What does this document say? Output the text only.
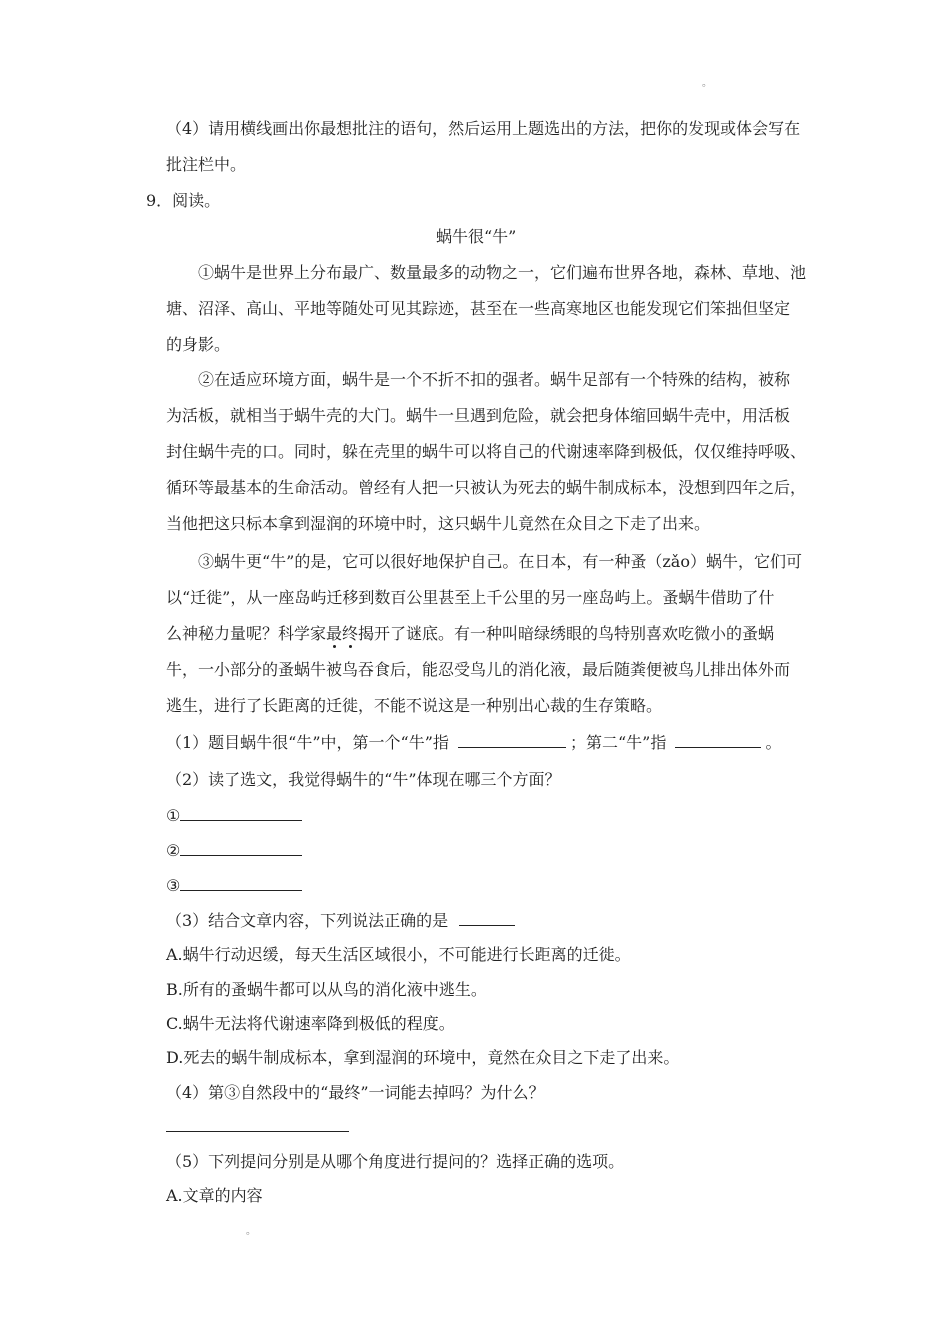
。
（4）请用横线画出你最想批注的语句，然后运用上题选出的方法，把你的发现或体会写在
批注栏中。
9．阅读。
蜗牛很“牛”
①蜗牛是世界上分布最广、数量最多的动物之一，它们遍布世界各地，森林、草地、池
塘、沼泽、高山、平地等随处可见其踪迹，甚至在一些高寒地区也能发现它们笨拙但坚定
的身影。
②在适应环境方面，蜗牛是一个不折不扣的强者。蜗牛足部有一个特殊的结构，被称
为活板，就相当于蜗牛壳的大门。蜗牛一旦遇到危险，就会把身体缩回蜗牛壳中，用活板
封住蜗牛壳的口。同时，躲在壳里的蜗牛可以将自己的代谢速率降到极低，仅仅维持呼吸、
循环等最基本的生命活动。曾经有人把一只被认为死去的蜗牛制成标本，没想到四年之后，
当他把这只标本拿到湿润的环境中时，这只蜗牛儿竟然在众目之下走了出来。
③蜗牛更“牛”的是，它可以很好地保护自己。在日本，有一种蚤（zǎo）蜗牛，它们可
以“迁徙”，从一座岛屿迁移到数百公里甚至上千公里的另一座岛屿上。蚤蜗牛借助了什
么神秘力量呢？科学家最终揭开了谜底。有一种叫暗绿绣眼的鸟特别喜欢吃微小的蚤蜗
牛，一小部分的蚤蜗牛被鸟吞食后，能忍受鸟儿的消化液，最后随粪便被鸟儿排出体外而
逃生，进行了长距离的迁徙，不能不说这是一种别出心裁的生存策略。
（1）题目蜗牛很“牛”中，第一个“牛”指	；第二“牛”指	。
（2）读了选文，我觉得蜗牛的“牛”体现在哪三个方面？
①
②
③
（3）结合文章内容，下列说法正确的是
A.蜗牛行动迟缓，每天生活区域很小，不可能进行长距离的迁徙。
B.所有的蚤蜗牛都可以从鸟的消化液中逃生。
C.蜗牛无法将代谢速率降到极低的程度。
D.死去的蜗牛制成标本，拿到湿润的环境中，竟然在众目之下走了出来。
（4）第③自然段中的“最终”一词能去掉吗？为什么？
（5）下列提问分别是从哪个角度进行提问的？选择正确的选项。
A.文章的内容
。
